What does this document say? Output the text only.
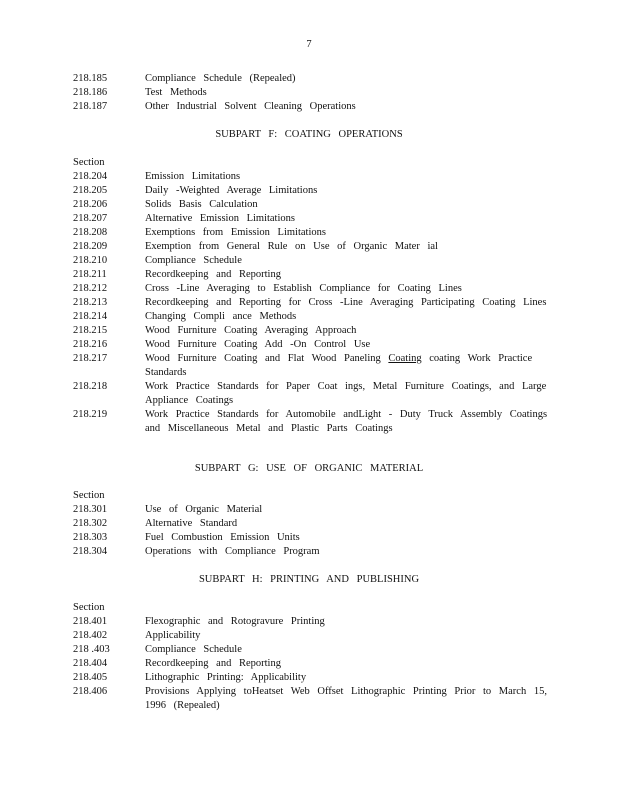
7
218.185	Compliance Schedule (Repealed)
218.186	Test Methods
218.187	Other Industrial Solvent Cleaning Operations
SUBPART F: COATING OPERATIONS
Section
218.204	Emission Limitations
218.205	Daily -Weighted Average Limitations
218.206	Solids Basis Calculation
218.207	Alternative Emission Limitations
218.208	Exemptions from Emission Limitations
218.209	Exemption from General Rule on Use of Organic Mater ial
218.210	Compliance Schedule
218.211	Recordkeeping and Reporting
218.212	Cross -Line Averaging to Establish Compliance for Coating Lines
218.213	Recordkeeping and Reporting for Cross -Line Averaging Participating Coating Lines
218.214	Changing Compli ance Methods
218.215	Wood Furniture Coating Averaging Approach
218.216	Wood Furniture Coating Add -On Control Use
218.217	Wood Furniture Coating and Flat Wood Paneling Coating coating Work Practice Standards
218.218	Work Practice Standards for Paper Coat ings, Metal Furniture Coatings, and Large Appliance Coatings
218.219	Work Practice Standards for Automobile andLight - Duty Truck Assembly Coatings and Miscellaneous Metal and Plastic Parts Coatings
SUBPART G: USE OF ORGANIC MATERIAL
Section
218.301	Use of Organic Material
218.302	Alternative Standard
218.303	Fuel Combustion Emission Units
218.304	Operations with Compliance Program
SUBPART H: PRINTING AND PUBLISHING
Section
218.401	Flexographic and Rotogravure Printing
218.402	Applicability
218 .403	Compliance Schedule
218.404	Recordkeeping and Reporting
218.405	Lithographic Printing: Applicability
218.406	Provisions Applying toHeatset Web Offset Lithographic Printing Prior to March 15, 1996 (Repealed)
